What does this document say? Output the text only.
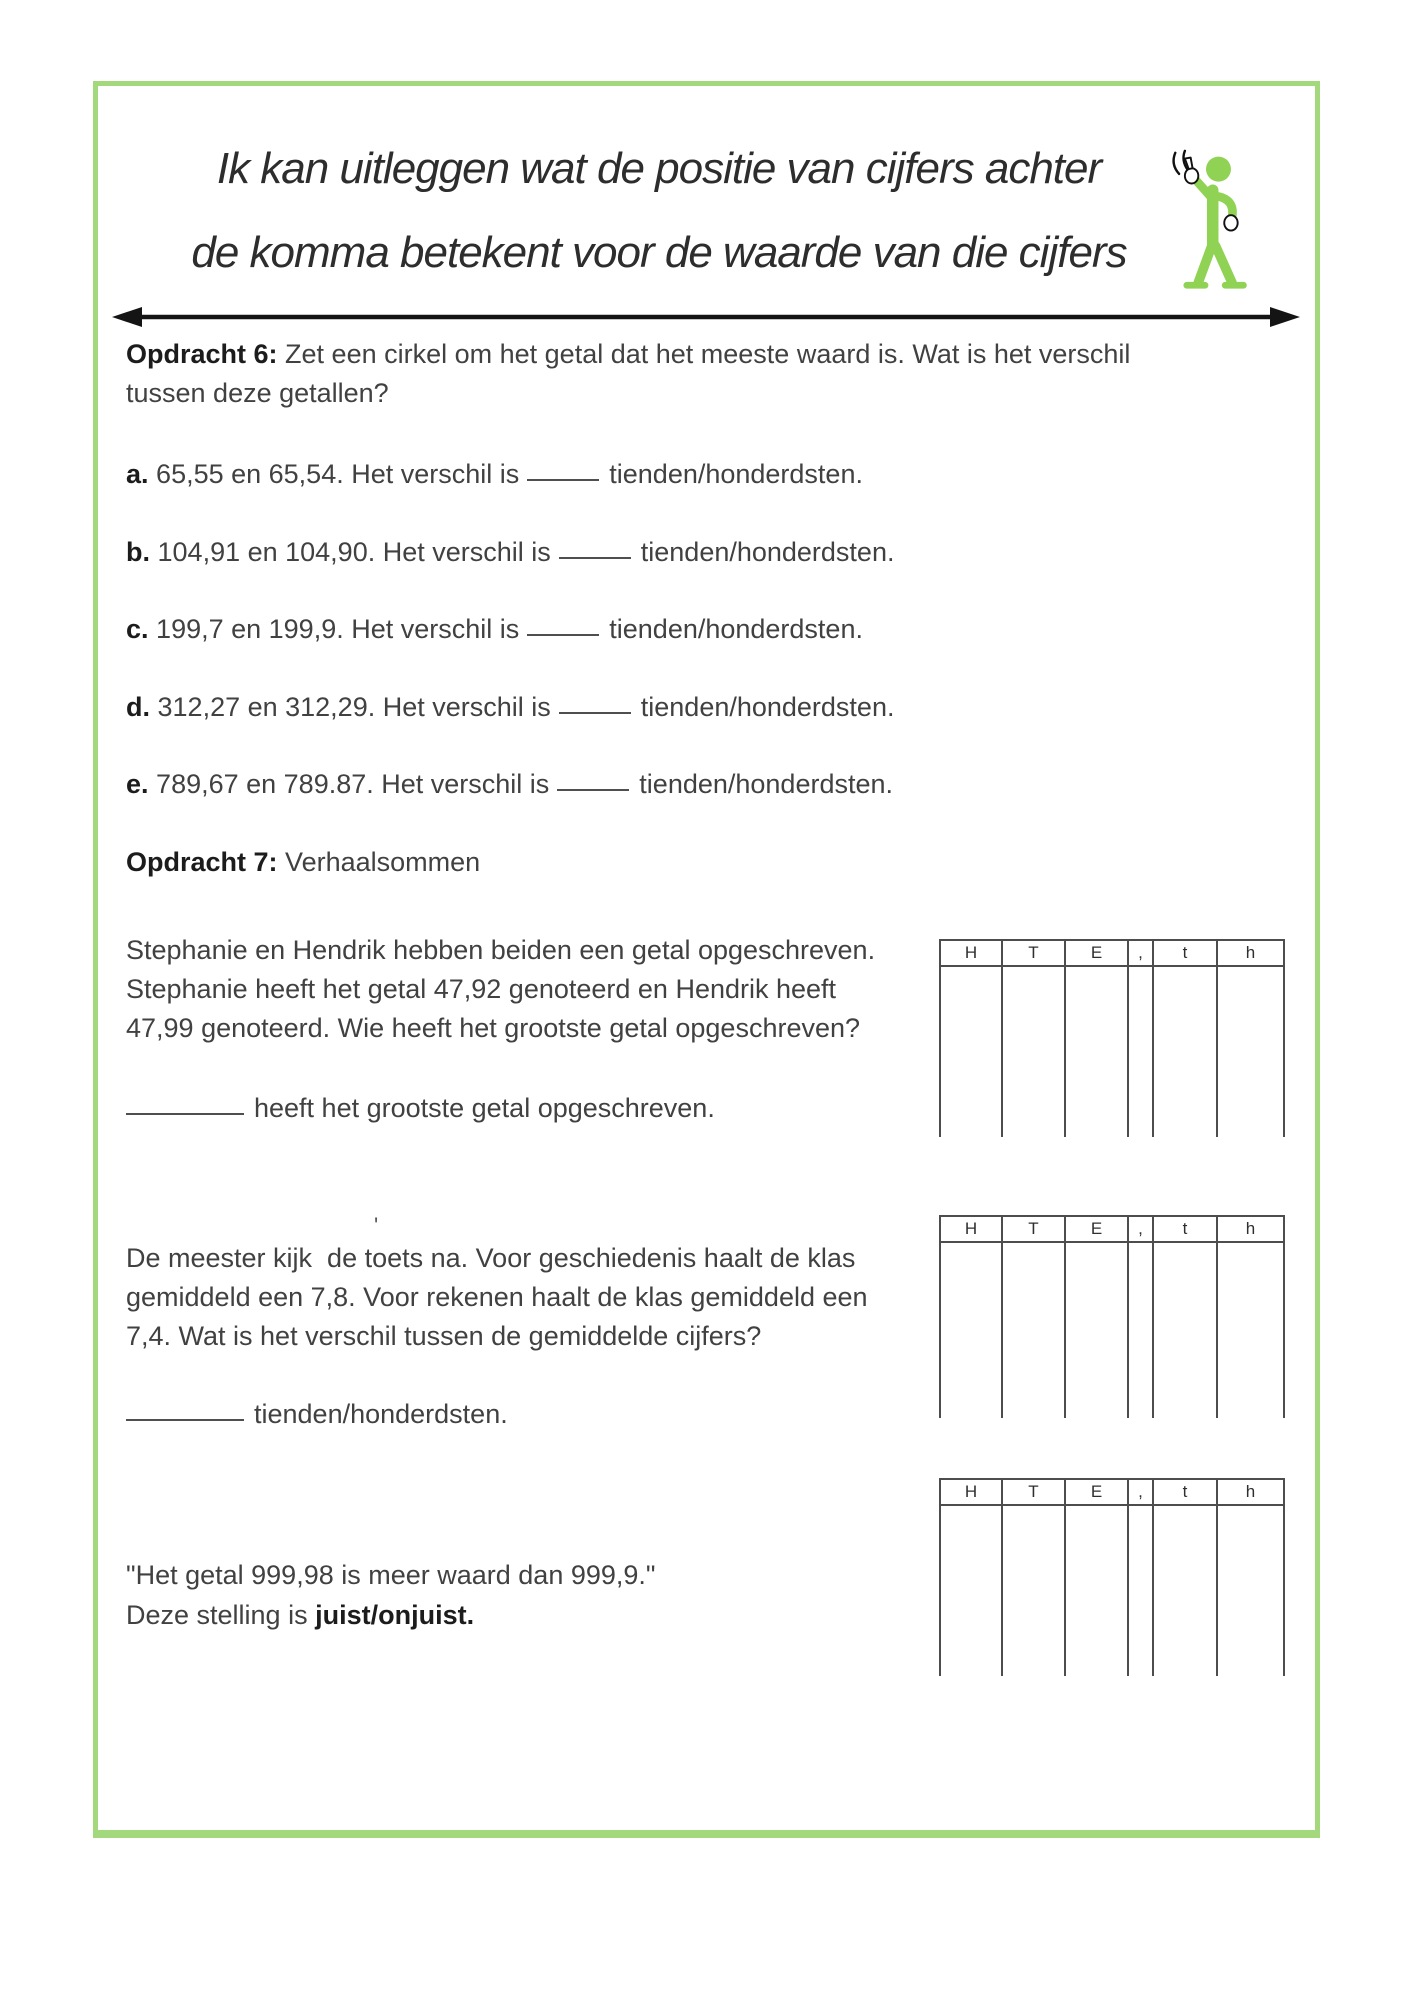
Ik kan uitleggen wat de positie van cijfers achter
de komma betekent voor de waarde van die cijfers
Opdracht 6: Zet een cirkel om het getal dat het meeste waard is. Wat is het verschil
tussen deze getallen?
a. 65,55 en 65,54. Het verschil is	tienden/honderdsten.
b. 104,91 en 104,90. Het verschil is	tienden/honderdsten.
c. 199,7 en 199,9. Het verschil is	tienden/honderdsten.
d. 312,27 en 312,29. Het verschil is	tienden/honderdsten.
e. 789,67 en 789.87. Het verschil is	tienden/honderdsten.
Opdracht 7: Verhaalsommen
Stephanie en Hendrik hebben beiden een getal opgeschreven.
Stephanie heeft het getal 47,92 genoteerd en Hendrik heeft
47,99 genoteerd. Wie heeft het grootste getal opgeschreven?
heeft het grootste getal opgeschreven.
'
De meester kijk  de toets na. Voor geschiedenis haalt de klas
gemiddeld een 7,8. Voor rekenen haalt de klas gemiddeld een
7,4. Wat is het verschil tussen de gemiddelde cijfers?
tienden/honderdsten.
"Het getal 999,98 is meer waard dan 999,9."
Deze stelling is juist/onjuist.
H	T	E	,	t	h
H	T	E	,	t	h
H	T	E	,	t	h
